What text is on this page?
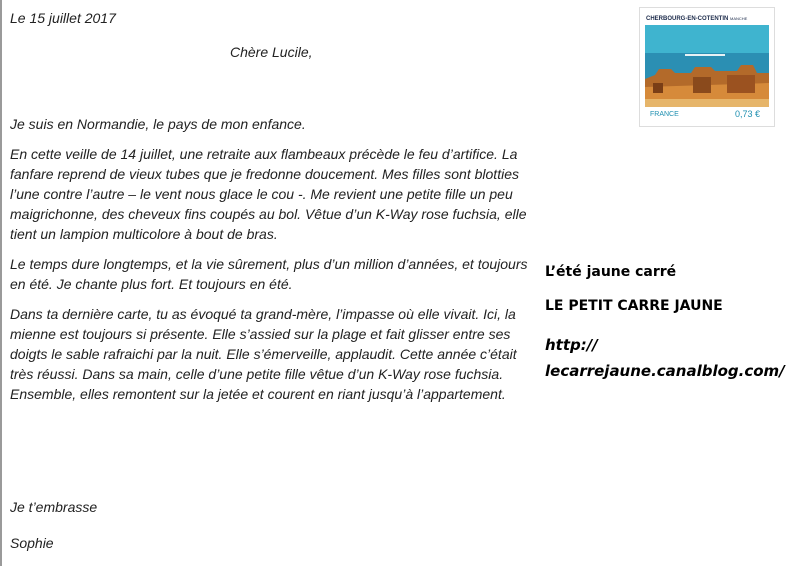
Le 15 juillet 2017
Chère Lucile,

Je suis en Normandie, le pays de mon enfance.

En cette veille de 14 juillet, une retraite aux flambeaux précède le feu d’artifice. La fanfare reprend de vieux tubes que je fredonne doucement. Mes filles sont blotties l’une contre l’autre – le vent nous glace le cou -. Me revient une petite fille un peu maigrichonne, des cheveux fins coupés au bol. Vêtue d’un K-Way rose fuchsia, elle tient un lampion multicolore à bout de bras.

Le temps dure longtemps, et la vie sûrement, plus d’un million d’années, et toujours en été. Je chante plus fort. Et toujours en été.

Dans ta dernière carte, tu as évoqué ta grand-mère, l’impasse où elle vivait. Ici, la mienne est toujours si présente. Elle s’assied sur la plage et fait glisser entre ses doigts le sable rafraichi par la nuit. Elle s’émerveille, applaudit. Cette année c’était très réussi. Dans sa main, celle d’une petite fille vêtue d’un K-Way rose fuchsia. Ensemble, elles remontent sur la jetée et courent en riant jusqu’à l’appartement.

Je t’embrasse
Sophie
L’été jaune carré
LE PETIT CARRE JAUNE
http://
lecarrejaune.canalblog.com/
CHERBOURG-EN-COTENTIN MANCHE
FRANCE	0,73 €
